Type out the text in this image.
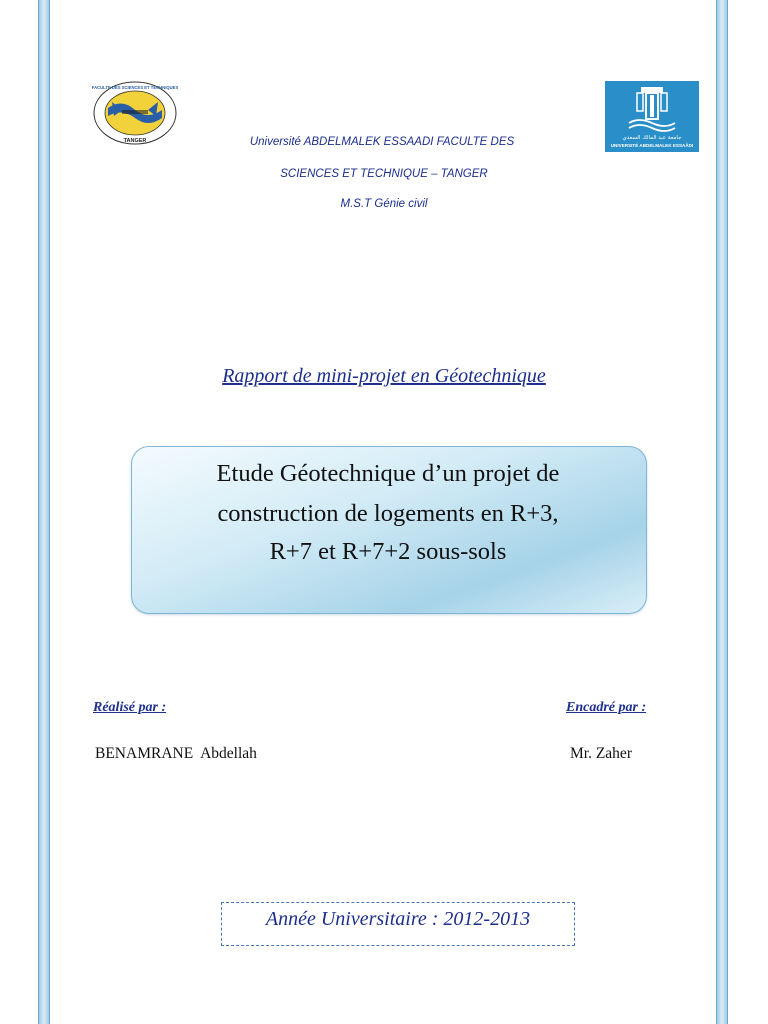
TANGER
FACULTE DES SCIENCES ET TECHNIQUES
جامعة عبد المالك السعدي
UNIVERSITÉ ABDELMALEK ESSAÂDI
Université ABDELMALEK ESSAADI FACULTE DES
SCIENCES ET TECHNIQUE – TANGER
M.S.T Génie civil
Rapport de mini-projet en Géotechnique
Etude Géotechnique d’un projet de
construction de logements en R+3,
R+7 et R+7+2 sous-sols
Réalisé par :	Encadré par :
BENAMRANE  Abdellah	Mr. Zaher
Année Universitaire : 2012-2013
